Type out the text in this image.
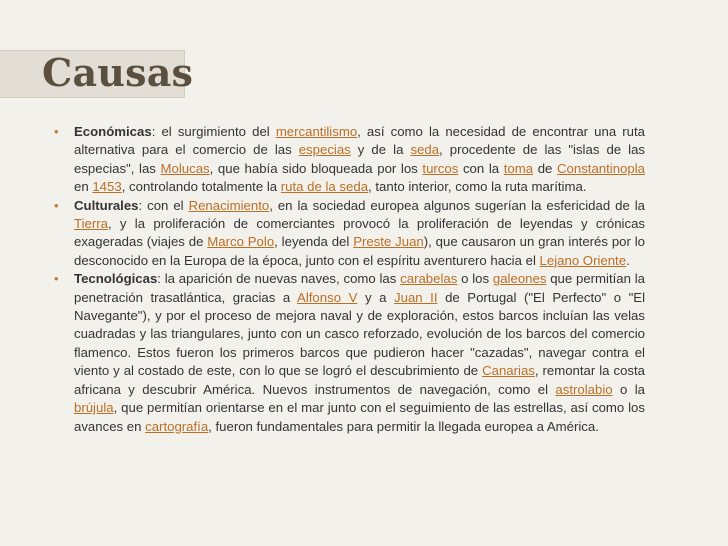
Causas
• Económicas: el surgimiento del mercantilismo, así como la necesidad de encontrar una ruta alternativa para el comercio de las especias y de la seda, procedente de las "islas de las especias", las Molucas, que había sido bloqueada por los turcos con la toma de Constantinopla en 1453, controlando totalmente la ruta de la seda, tanto interior, como la ruta marítima.
• Culturales: con el Renacimiento, en la sociedad europea algunos sugerían la esfericidad de la Tierra, y la proliferación de comerciantes provocó la proliferación de leyendas y crónicas exageradas (viajes de Marco Polo, leyenda del Preste Juan), que causaron un gran interés por lo desconocido en la Europa de la época, junto con el espíritu aventurero hacia el Lejano Oriente.
• Tecnológicas: la aparición de nuevas naves, como las carabelas o los galeones que permitían la penetración trasatlántica, gracias a Alfonso V y a Juan II de Portugal ("El Perfecto" o "El Navegante"), y por el proceso de mejora naval y de exploración, estos barcos incluían las velas cuadradas y las triangulares, junto con un casco reforzado, evolución de los barcos del comercio flamenco. Estos fueron los primeros barcos que pudieron hacer "cazadas", navegar contra el viento y al costado de este, con lo que se logró el descubrimiento de Canarias, remontar la costa africana y descubrir América. Nuevos instrumentos de navegación, como el astrolabio o la brújula, que permitían orientarse en el mar junto con el seguimiento de las estrellas, así como los avances en cartografía, fueron fundamentales para permitir la llegada europea a América.
